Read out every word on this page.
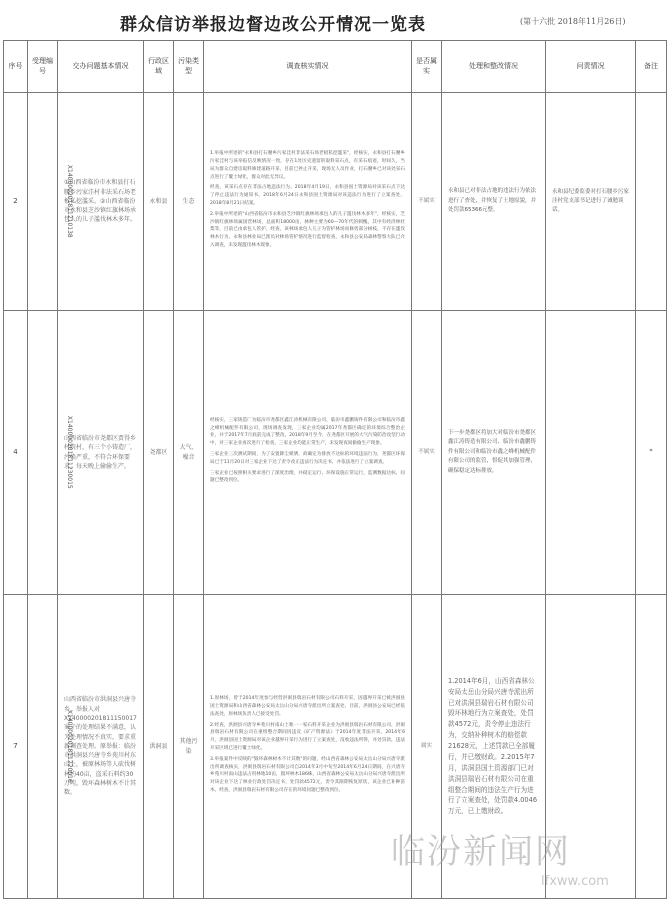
群众信访举报边督边改公开情况一览表	(第十六批 2018年11月26日)
序号	受理编号	交办问题基本情况	行政区域	污染类型	调查核实情况	是否属实	处理和整改情况	问责情况	备注
2	X140000201811210138	①山西省临汾市永和县打石腰乡污家洼村非法采石场老板私挖滥采。②山西省临汾市永和县芝沙镇红旗林场承包人的儿子滥伐林木多年。	永和县	生态	1.举报中所述的"永和县打石腰乡污家洼村非法采石场老板私挖滥采"，经核实，永和县打石腰乡污家洼村与该举报信反映情况一致，存在1处历史遗留的取料采石点，有采石痕迹，时间久，当局为群众自建房取料修建道路开采，目前已停止开采，现场无人员作业，打石腰乡已对该处采石点进行了覆土绿化，群众对此无异议。
经查，该采石点存在非法占地违法行为。2018年4月19日，永和县国土资源局对该采石点下达了停止违法行为通知书。2018年6月24日永和县国土资源局对该违法行为进行了立案查处，2018年8月21日结案。
2.举报中所述的"山西省临汾市永和县芝沙镇红旗林场承包人的儿子滥伐林木多年"，经核实，芝沙镇红旗林场属国营林场，总面积18000亩，林种主要为60—70年代的刺槐，其中有经济林杜梨等，目前已由承包人管护。经查，该林场承包人儿子为管护林场而修剪部分树枝，不存在滥伐林木行为，永和县林业局已派员对林场管护情况进行监督检查，永和县公安局森林警察大队已介入调查，未发现滥伐林木现象。	不属实	永和县已对非法占地的违法行为依法进行了查处，并恢复了土地原貌，并处罚款65366元整。	永和县纪委监委对打石腰乡污家洼村党支部书记进行了诫勉谈话。	
4	X140000201811230015	山西省临汾市尧都区贾得乡村院村，有三个小铸造厂，污染严重，不符合环保要求，每天晚上偷偷生产。	尧都区	大气、噪音	经核实，三家铸造厂为临汾市尧都区鑫江涛机械有限公司、临汾市鑫鹏铸件有限公司和临汾市鑫之峰机械配件有限公司，现场调查发现，三家企业均属2017年尧都区确定的环境综合整治企业，并于2017年7月底前完成了整改。2018年9月至今，在尧都区开展的大气污染防治攻坚行动中，对三家企业再次进行了检查，三家企业均能正常生产，未发现夜间偷偷生产现象。
三家企业三次测试期间，为了安置降尘喷洒，故确定为排放不达标的环境违法行为，尧都区环保局已于11月20日对三家企业下达了责令改正违法行为决定书，并依法进行了立案调查。
三家企业已按照相关要求进行了深度治理，并稳定运行，环保设施正常运行，监测数据达标，问题已整改到位。	不属实	下一步尧都区将加大对临汾市尧都区鑫江涛铸造有限公司、临汾市鑫鹏铸件有限公司和临汾市鑫之峰机械配件有限公司的监管，督促其加强管理，确保稳定达标排放。		*
7	X140000201811220016	山西省临汾市洪洞县兴唐寺乡，举报人对X140000201811150017案子的处理结果不满意，认为处理情况不真实，要求重新调查处理。原举报：临汾市洪洞县兴唐寺乡苑川村东山上，被原林场等人砍伐树林约40亩，盗采石料约30万吨，毁坏森林树木不计其数。	洪洞县	其他污染	1.原林场，曾于2014年度参与经营洪洞县瑞岩石材有限公司石料开采，因越界开采已被洪洞县国土资源局和山西省森林公安局太岳山分局兴唐寺派出所立案查处，目前，洪洞县公安局已经依法查处，原林场负责人已接受处罚。
2.经查，洪洞县兴唐寺乡苑川村南山上唯一一家石料开采企业为洪洞县瑞岩石材有限公司，洪洞县瑞岩石材有限公司在重组整合期间因违反《矿产资源法》于2014年度非法开采，2014年6月，洪洞县国土资源局对该企业越界开采行为进行了立案查处，没收违法所得，并处罚款，违法开采区域已进行覆土绿化。
3.举报案件中反映的"毁坏森林树木不计其数"的问题，经山西省森林公安局太岳山分局兴唐寺派出所调查核实，洪洞县瑞岩石材有限公司自2014年3月中旬至2014年6月24日期间，在兴唐寺乡苑川村南山违法占用林地10亩，毁坏林木186株，山西省森林公安局太岳山分局兴唐寺派出所对该企业下达了林业行政处罚决定书，处罚款4572元，责令其限期恢复原状，该企业已补种苗木。经查，洪洞县瑞岩石材有限公司存在的环境问题已整改到位。	属实	1.2014年6月，山西省森林公安局太岳山分局兴唐寺派出所已对洪洞县瑞岩石材有限公司毁坏林地行为立案查处，处罚款4572元，责令停止违法行为，交纳补种树木的赔偿款21628元，上述罚款已全部履行，并已缴财政。2.2015年7月，洪洞县国土资源部门已对洪洞县瑞岩石材有限公司在重组整合期间的违法生产行为进行了立案查处，处罚款4.0046万元，已上缴财政。		
临汾新闻网
lfxww.com
